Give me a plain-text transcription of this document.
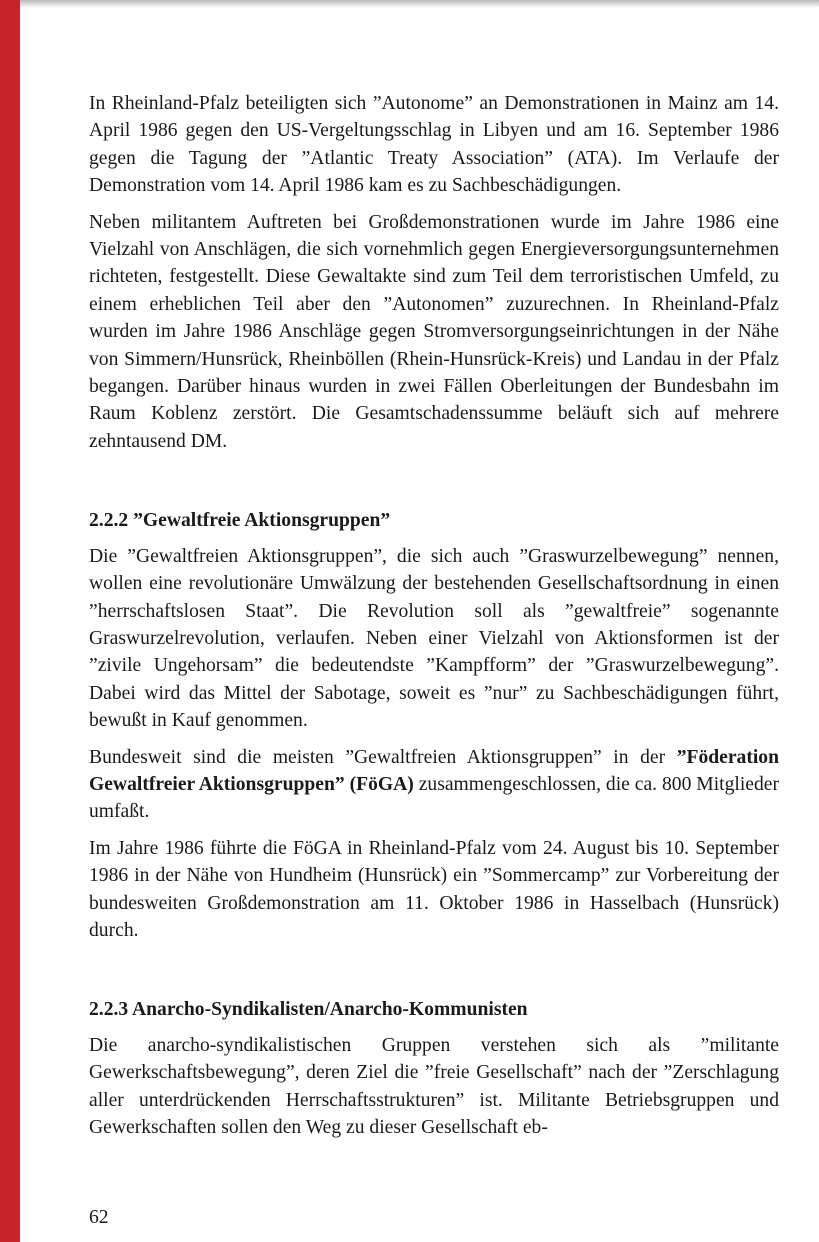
In Rheinland-Pfalz beteiligten sich ”Autonome” an Demonstrationen in Mainz am 14. April 1986 gegen den US-Vergeltungsschlag in Libyen und am 16. September 1986 gegen die Tagung der ”Atlantic Treaty Association” (ATA). Im Verlaufe der Demonstration vom 14. April 1986 kam es zu Sachbeschädigungen.

Neben militantem Auftreten bei Großdemonstrationen wurde im Jahre 1986 eine Vielzahl von Anschlägen, die sich vornehmlich gegen Energieversorgungsunternehmen richteten, festgestellt. Diese Gewaltakte sind zum Teil dem terroristischen Umfeld, zu einem erheblichen Teil aber den ”Autonomen” zuzurechnen. In Rheinland-Pfalz wurden im Jahre 1986 Anschläge gegen Stromversorgungseinrichtungen in der Nähe von Simmern/Hunsrück, Rheinböllen (Rhein-Hunsrück-Kreis) und Landau in der Pfalz begangen. Darüber hinaus wurden in zwei Fällen Oberleitungen der Bundesbahn im Raum Koblenz zerstört. Die Gesamtschadenssumme beläuft sich auf mehrere zehntausend DM.

2.2.2 ”Gewaltfreie Aktionsgruppen”

Die ”Gewaltfreien Aktionsgruppen”, die sich auch ”Graswurzelbewegung” nennen, wollen eine revolutionäre Umwälzung der bestehenden Gesellschaftsordnung in einen ”herrschaftslosen Staat”. Die Revolution soll als ”gewaltfreie” sogenannte Graswurzelrevolution, verlaufen. Neben einer Vielzahl von Aktionsformen ist der ”zivile Ungehorsam” die bedeutendste ”Kampfform” der ”Graswurzelbewegung”. Dabei wird das Mittel der Sabotage, soweit es ”nur” zu Sachbeschädigungen führt, bewußt in Kauf genommen.

Bundesweit sind die meisten ”Gewaltfreien Aktionsgruppen” in der ”Föderation Gewaltfreier Aktionsgruppen” (FöGA) zusammengeschlossen, die ca. 800 Mitglieder umfaßt.

Im Jahre 1986 führte die FöGA in Rheinland-Pfalz vom 24. August bis 10. September 1986 in der Nähe von Hundheim (Hunsrück) ein ”Sommercamp” zur Vorbereitung der bundesweiten Großdemonstration am 11. Oktober 1986 in Hasselbach (Hunsrück) durch.

2.2.3 Anarcho-Syndikalisten/Anarcho-Kommunisten

Die anarcho-syndikalistischen Gruppen verstehen sich als ”militante Gewerkschaftsbewegung”, deren Ziel die ”freie Gesellschaft” nach der ”Zerschlagung aller unterdrückenden Herrschaftsstrukturen” ist. Militante Betriebsgruppen und Gewerkschaften sollen den Weg zu dieser Gesellschaft eb-

62
